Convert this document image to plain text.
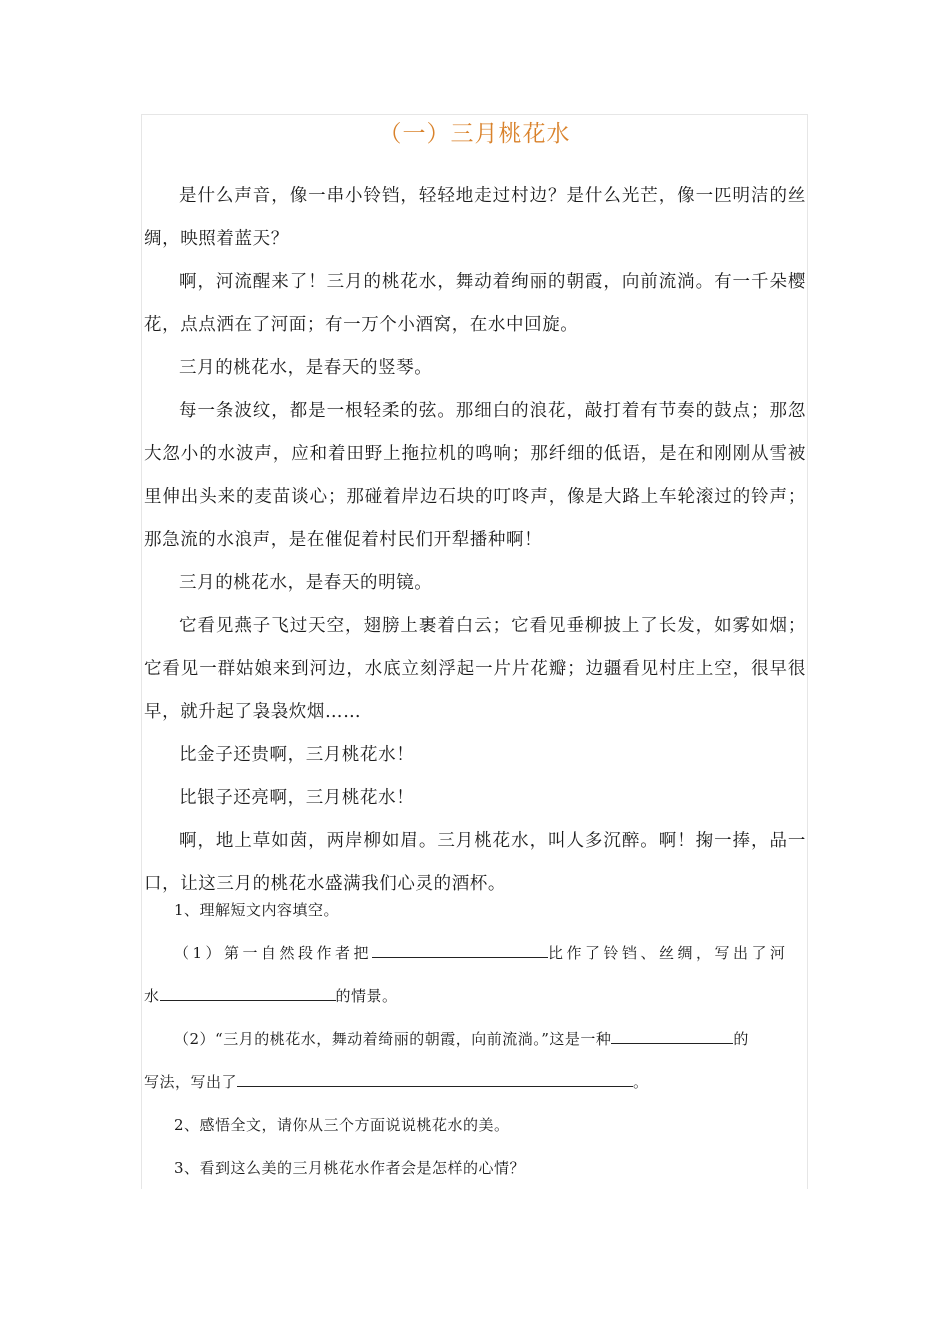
（一）三月桃花水

是什么声音，像一串小铃铛，轻轻地走过村边？是什么光芒，像一匹明洁的丝绸，映照着蓝天？

啊，河流醒来了！三月的桃花水，舞动着绚丽的朝霞，向前流淌。有一千朵樱花，点点洒在了河面；有一万个小酒窝，在水中回旋。

三月的桃花水，是春天的竖琴。

每一条波纹，都是一根轻柔的弦。那细白的浪花，敲打着有节奏的鼓点；那忽大忽小的水波声，应和着田野上拖拉机的鸣响；那纤细的低语，是在和刚刚从雪被里伸出头来的麦苗谈心；那碰着岸边石块的叮咚声，像是大路上车轮滚过的铃声；那急流的水浪声，是在催促着村民们开犁播种啊！

三月的桃花水，是春天的明镜。

它看见燕子飞过天空，翅膀上裹着白云；它看见垂柳披上了长发，如雾如烟；它看见一群姑娘来到河边，水底立刻浮起一片片花瓣；边疆看见村庄上空，很早很早，就升起了袅袅炊烟……

比金子还贵啊，三月桃花水！

比银子还亮啊，三月桃花水！

啊，地上草如茵，两岸柳如眉。三月桃花水，叫人多沉醉。啊！掬一捧，品一口，让这三月的桃花水盛满我们心灵的酒杯。

1、理解短文内容填空。

（1）第一自然段作者把	比作了铃铛、丝绸，写出了河

水	的情景。

（2）“三月的桃花水，舞动着绮丽的朝霞，向前流淌。”这是一种	的

写法，写出了	。

2、感悟全文，请你从三个方面说说桃花水的美。

3、看到这么美的三月桃花水作者会是怎样的心情？
